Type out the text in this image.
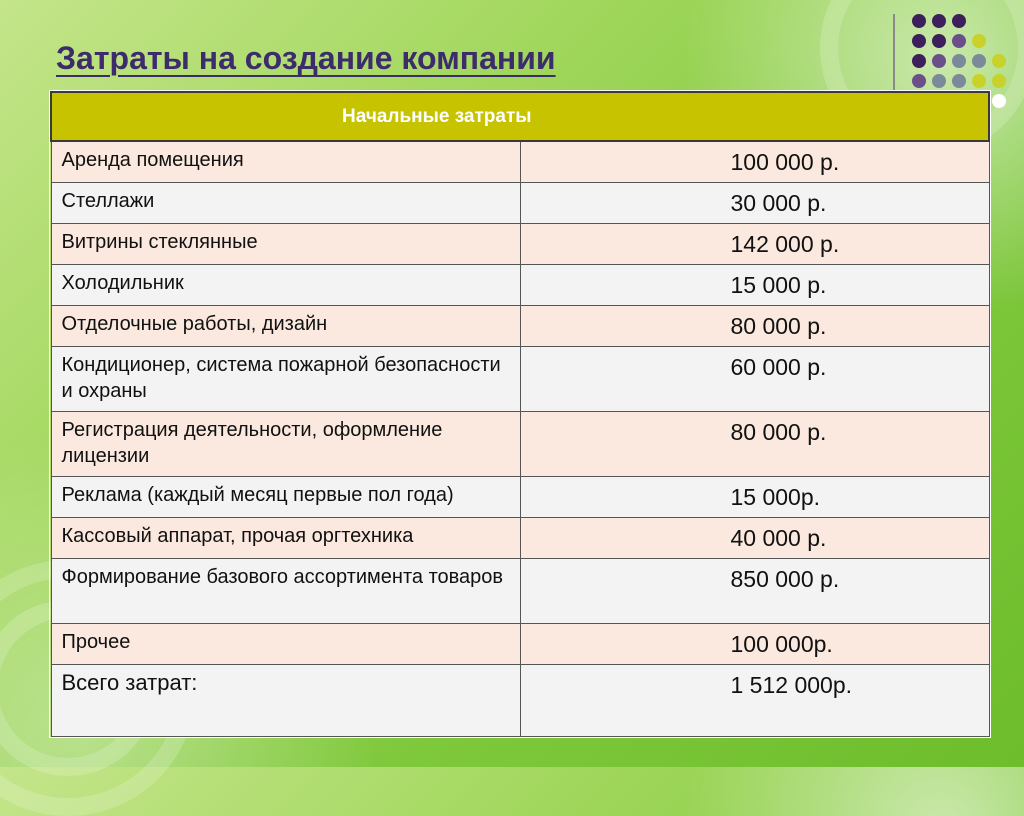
Затраты на создание компании
Начальные затраты	
Аренда помещения	100 000 р.
Стеллажи	30 000 р.
Витрины стеклянные	142 000 р.
Холодильник	15 000 р.
Отделочные работы, дизайн	80 000 р.
Кондиционер, система пожарной безопасности и охраны	60 000 р.
Регистрация деятельности, оформление лицензии	80 000 р.
Реклама (каждый месяц первые пол года)	15 000р.
Кассовый аппарат, прочая оргтехника	40 000 р.
Формирование базового ассортимента товаров	850 000 р.
Прочее	100 000р.
Всего затрат:	1 512 000р.
